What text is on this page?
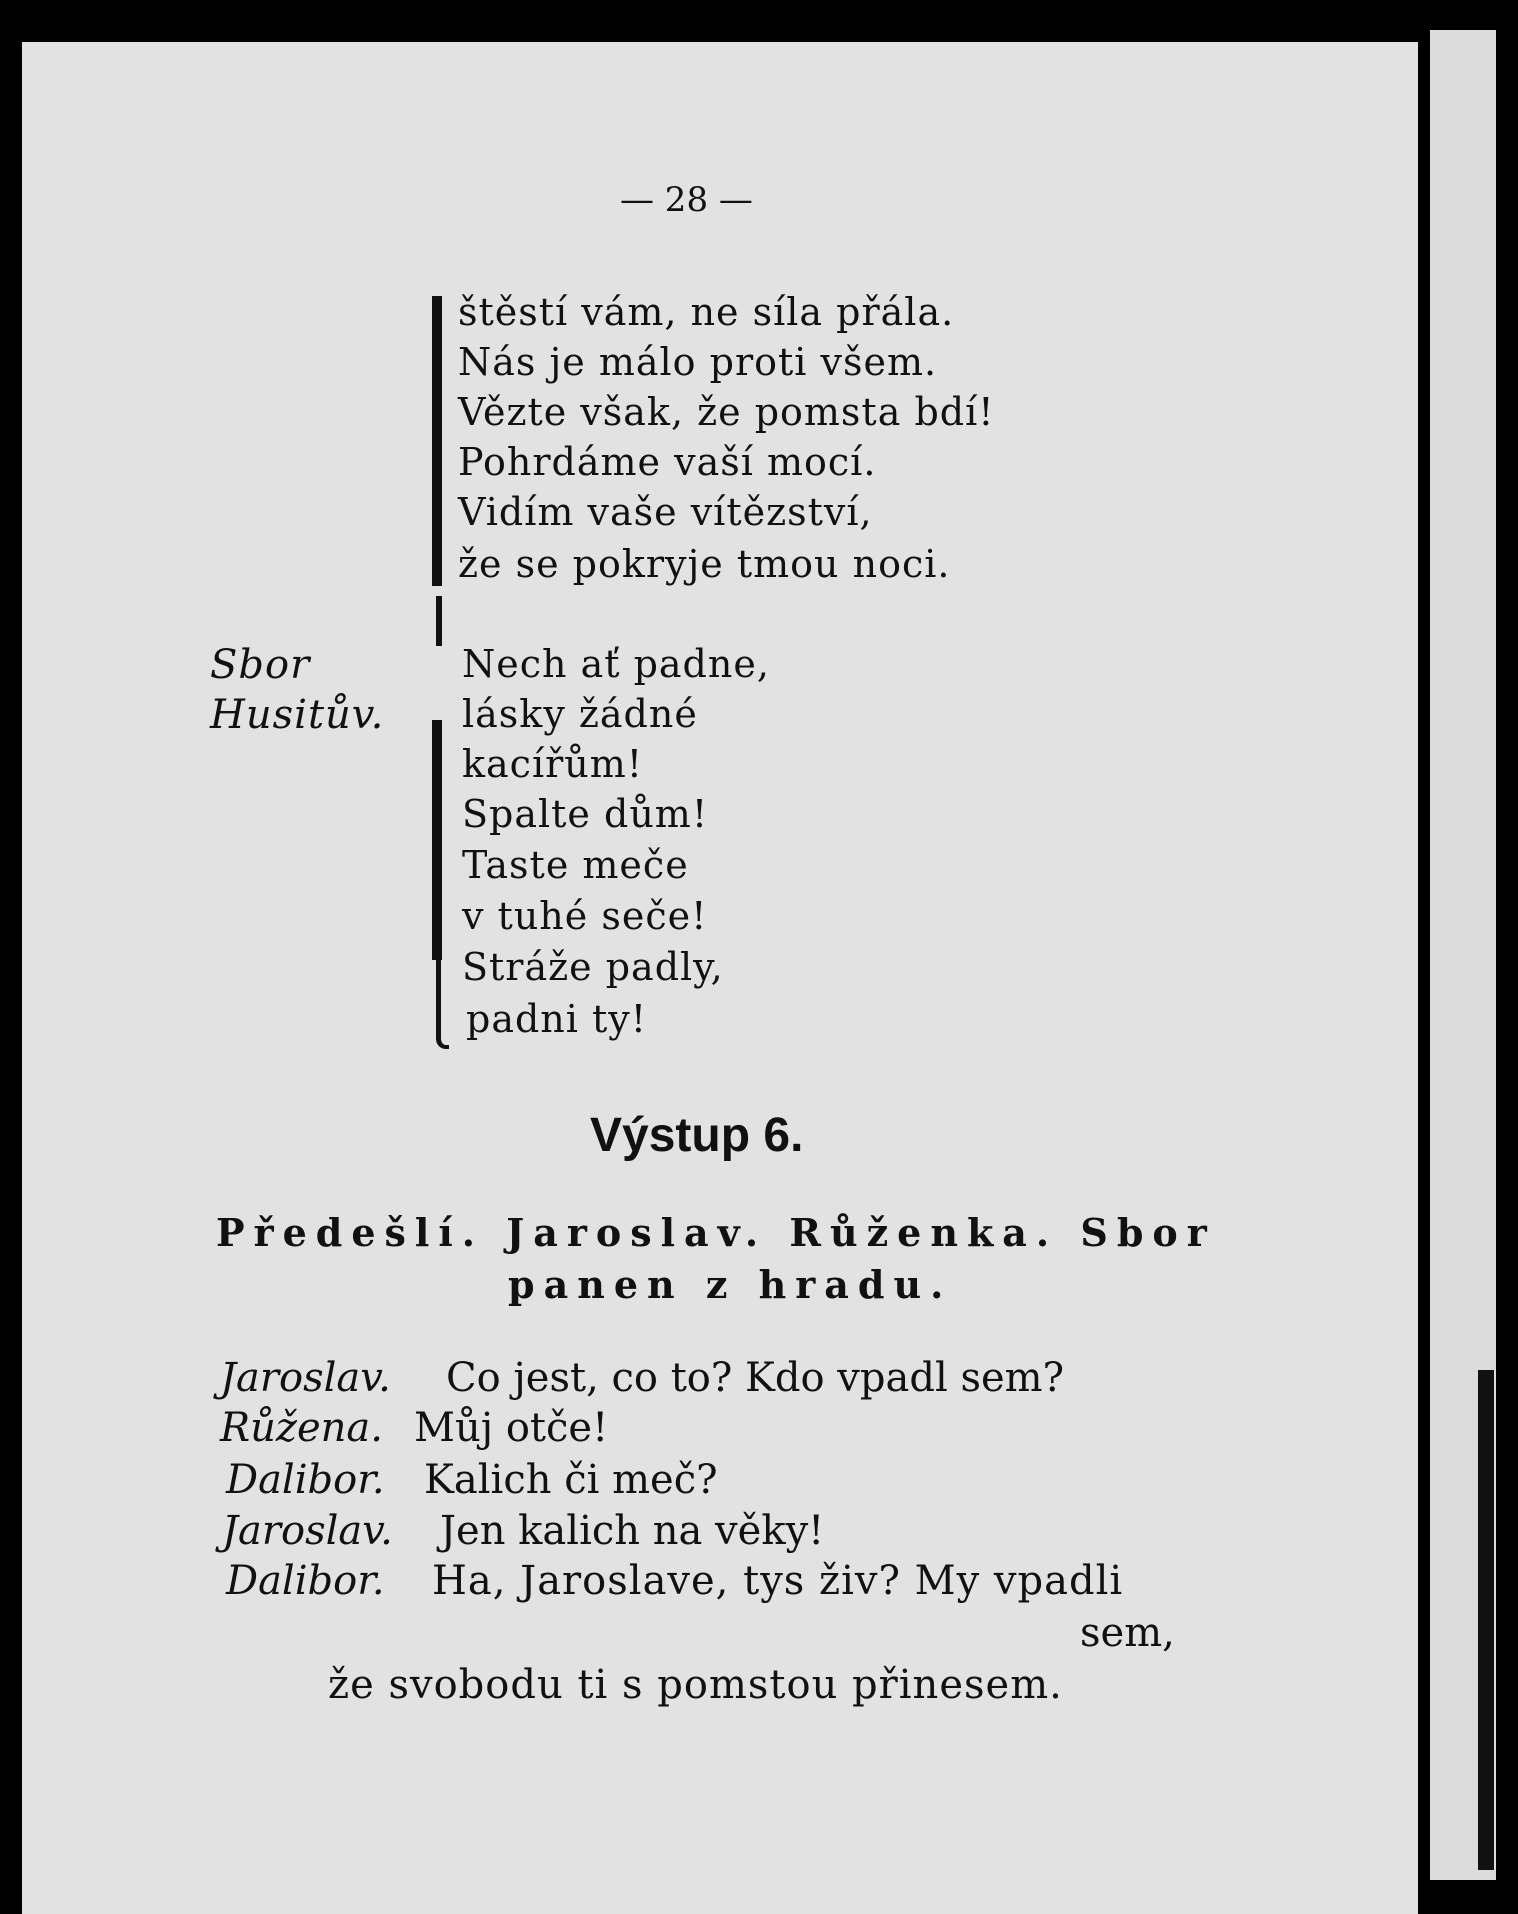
— 28 —
štěstí vám, ne síla přála.
Nás je málo proti všem.
Vězte však, že pomsta bdí!
Pohrdáme vaší mocí.
Vidím vaše vítězství,
že se pokryje tmou noci.
Sbor
Husitův.
Nech ať padne,
lásky žádné
kacířům!
Spalte dům!
Taste meče
v tuhé seče!
Stráže padly,
padni ty!
Výstup 6.
Předešlí. Jaroslav. Růženka. Sbor
panen z hradu.
Jaroslav. Co jest, co to? Kdo vpadl sem?
Růžena. Můj otče!
Dalibor. Kalich či meč?
Jaroslav. Jen kalich na věky!
Dalibor. Ha, Jaroslave, tys živ? My vpadli
sem,
že svobodu ti s pomstou přinesem.
